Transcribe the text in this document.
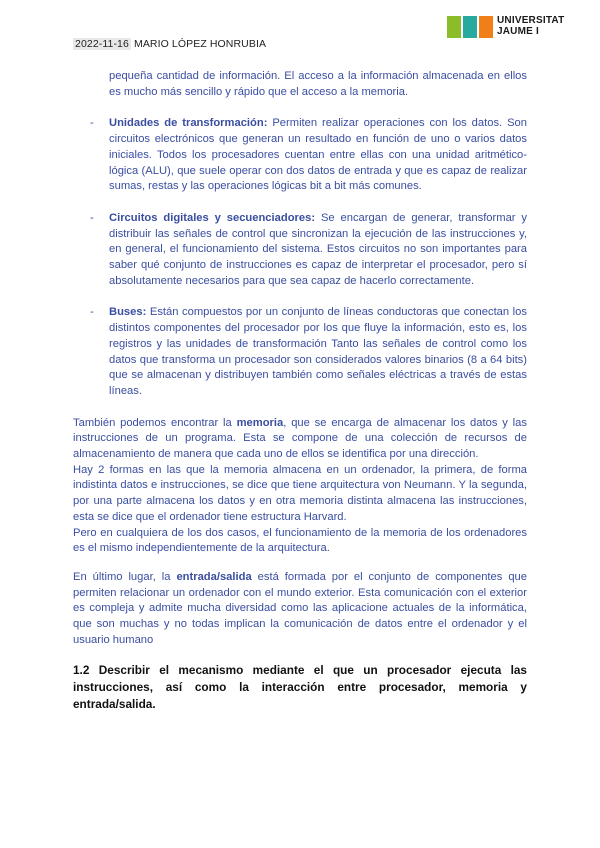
2022-11-16 MARIO LÓPEZ HONRUBIA
UNIVERSITAT
JAUME I
pequeña cantidad de información. El acceso a la información almacenada en ellos es mucho más sencillo y rápido que el acceso a la memoria.
- Unidades de transformación: Permiten realizar operaciones con los datos. Son circuitos electrónicos que generan un resultado en función de uno o varios datos iniciales. Todos los procesadores cuentan entre ellas con una unidad aritmético-lógica (ALU), que suele operar con dos datos de entrada y que es capaz de realizar sumas, restas y las operaciones lógicas bit a bit más comunes.
- Circuitos digitales y secuenciadores: Se encargan de generar, transformar y distribuir las señales de control que sincronizan la ejecución de las instrucciones y, en general, el funcionamiento del sistema. Estos circuitos no son importantes para saber qué conjunto de instrucciones es capaz de interpretar el procesador, pero sí absolutamente necesarios para que sea capaz de hacerlo correctamente.
- Buses: Están compuestos por un conjunto de líneas conductoras que conectan los distintos componentes del procesador por los que fluye la información, esto es, los registros y las unidades de transformación Tanto las señales de control como los datos que transforma un procesador son considerados valores binarios (8 a 64 bits) que se almacenan y distribuyen también como señales eléctricas a través de estas líneas.
También podemos encontrar la memoria, que se encarga de almacenar los datos y las instrucciones de un programa. Esta se compone de una colección de recursos de almacenamiento de manera que cada uno de ellos se identifica por una dirección.
Hay 2 formas en las que la memoria almacena en un ordenador, la primera, de forma indistinta datos e instrucciones, se dice que tiene arquitectura von Neumann. Y la segunda, por una parte almacena los datos y en otra memoria distinta almacena las instrucciones, esta se dice que el ordenador tiene estructura Harvard.
Pero en cualquiera de los dos casos, el funcionamiento de la memoria de los ordenadores es el mismo independientemente de la arquitectura.
En último lugar, la entrada/salida está formada por el conjunto de componentes que permiten relacionar un ordenador con el mundo exterior. Esta comunicación con el exterior es compleja y admite mucha diversidad como las aplicacione actuales de la informática, que son muchas y no todas implican la comunicación de datos entre el ordenador y el usuario humano
1.2 Describir el mecanismo mediante el que un procesador ejecuta las instrucciones, así como la interacción entre procesador, memoria y entrada/salida.
